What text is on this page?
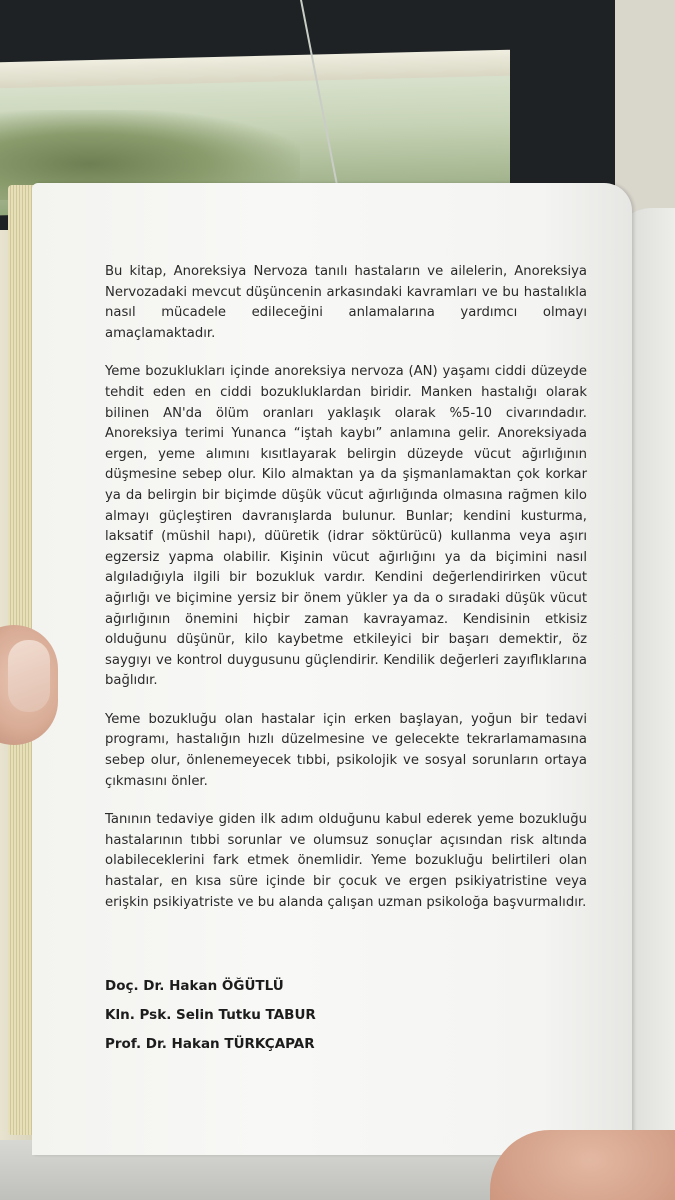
Bu kitap, Anoreksiya Nervoza tanılı hastaların ve ailelerin, Anoreksiya Nervozadaki mevcut düşüncenin arkasındaki kavramları ve bu hastalıkla nasıl mücadele edileceğini anlamalarına yardımcı olmayı amaçlamaktadır.

Yeme bozuklukları içinde anoreksiya nervoza (AN) yaşamı ciddi düzeyde tehdit eden en ciddi bozukluklardan biridir. Manken hastalığı olarak bilinen AN'da ölüm oranları yaklaşık olarak %5-10 civarındadır. Anoreksiya terimi Yunanca “iştah kaybı” anlamına gelir. Anoreksiyada ergen, yeme alımını kısıtlayarak belirgin düzeyde vücut ağırlığının düşmesine sebep olur. Kilo almaktan ya da şişmanlamaktan çok korkar ya da belirgin bir biçimde düşük vücut ağırlığında olmasına rağmen kilo almayı güçleştiren davranışlarda bulunur. Bunlar; kendini kusturma, laksatif (müshil hapı), düüretik (idrar söktürücü) kullanma veya aşırı egzersiz yapma olabilir. Kişinin vücut ağırlığını ya da biçimini nasıl algıladığıyla ilgili bir bozukluk vardır. Kendini değerlendirirken vücut ağırlığı ve biçimine yersiz bir önem yükler ya da o sıradaki düşük vücut ağırlığının önemini hiçbir zaman kavrayamaz. Kendisinin etkisiz olduğunu düşünür, kilo kaybetme etkileyici bir başarı demektir, öz saygıyı ve kontrol duygusunu güçlendirir. Kendilik değerleri zayıflıklarına bağlıdır.

Yeme bozukluğu olan hastalar için erken başlayan, yoğun bir tedavi programı, hastalığın hızlı düzelmesine ve gelecekte tekrarlamamasına sebep olur, önlenemeyecek tıbbi, psikolojik ve sosyal sorunların ortaya çıkmasını önler.

Tanının tedaviye giden ilk adım olduğunu kabul ederek yeme bozukluğu hastalarının tıbbi sorunlar ve olumsuz sonuçlar açısından risk altında olabileceklerini fark etmek önemlidir. Yeme bozukluğu belirtileri olan hastalar, en kısa süre içinde bir çocuk ve ergen psikiyatristine veya erişkin psikiyatriste ve bu alanda çalışan uzman psikoloğa başvurmalıdır.

Doç. Dr. Hakan ÖĞÜTLÜ
Kln. Psk. Selin Tutku TABUR
Prof. Dr. Hakan TÜRKÇAPAR
